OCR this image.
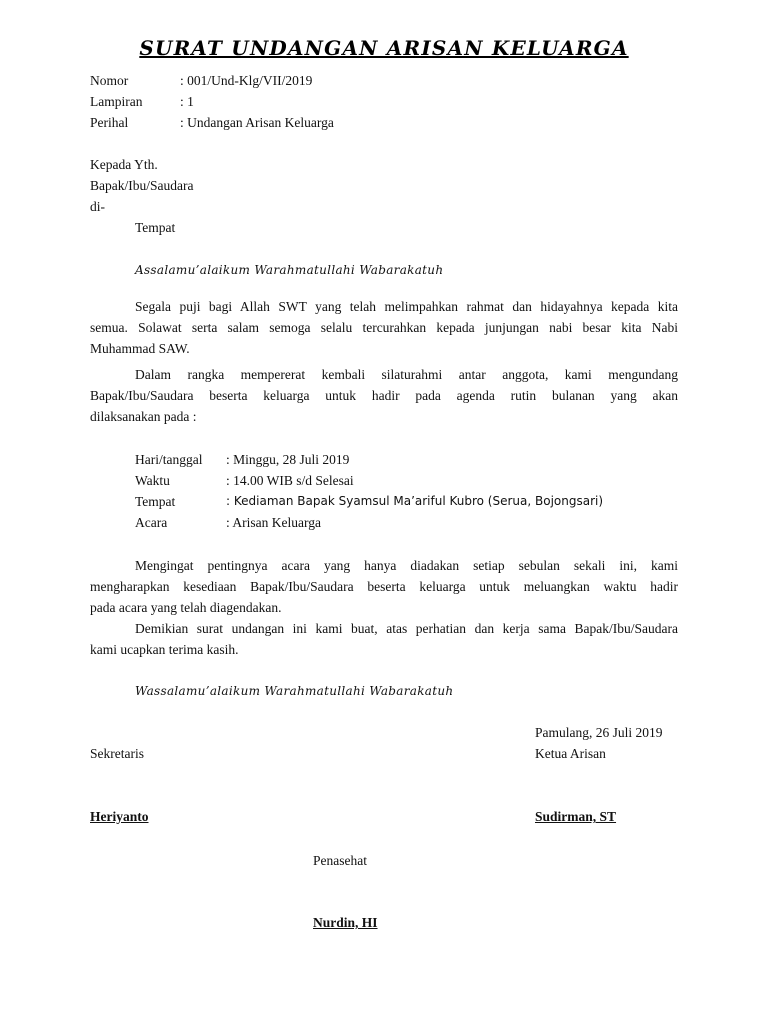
SURAT UNDANGAN ARISAN KELUARGA
Nomor	: 001/Und-Klg/VII/2019
Lampiran	: 1
Perihal	: Undangan Arisan Keluarga
Kepada Yth.
Bapak/Ibu/Saudara
di-
Tempat
Assalamu’alaikum Warahmatullahi Wabarakatuh
Segala puji bagi Allah SWT yang telah melimpahkan rahmat dan hidayahnya kepada kita
semua. Solawat serta salam semoga selalu tercurahkan kepada junjungan nabi besar kita Nabi
Muhammad SAW.
Dalam rangka mempererat kembali silaturahmi antar anggota, kami mengundang
Bapak/Ibu/Saudara beserta keluarga untuk hadir pada agenda rutin bulanan yang akan
dilaksanakan pada :
Hari/tanggal : Minggu, 28 Juli 2019
Waktu	: 14.00 WIB s/d Selesai
Tempat	: Kediaman Bapak Syamsul Ma’ariful Kubro (Serua, Bojongsari)
Acara	: Arisan Keluarga
Mengingat pentingnya acara yang hanya diadakan setiap sebulan sekali ini, kami
mengharapkan kesediaan Bapak/Ibu/Saudara beserta keluarga untuk meluangkan waktu hadir
pada acara yang telah diagendakan.
Demikian surat undangan ini kami buat, atas perhatian dan kerja sama Bapak/Ibu/Saudara
kami ucapkan terima kasih.
Wassalamu’alaikum Warahmatullahi Wabarakatuh
Pamulang, 26 Juli 2019
Sekretaris	Ketua Arisan
Heriyanto	Sudirman, ST
Penasehat
Nurdin, HI
